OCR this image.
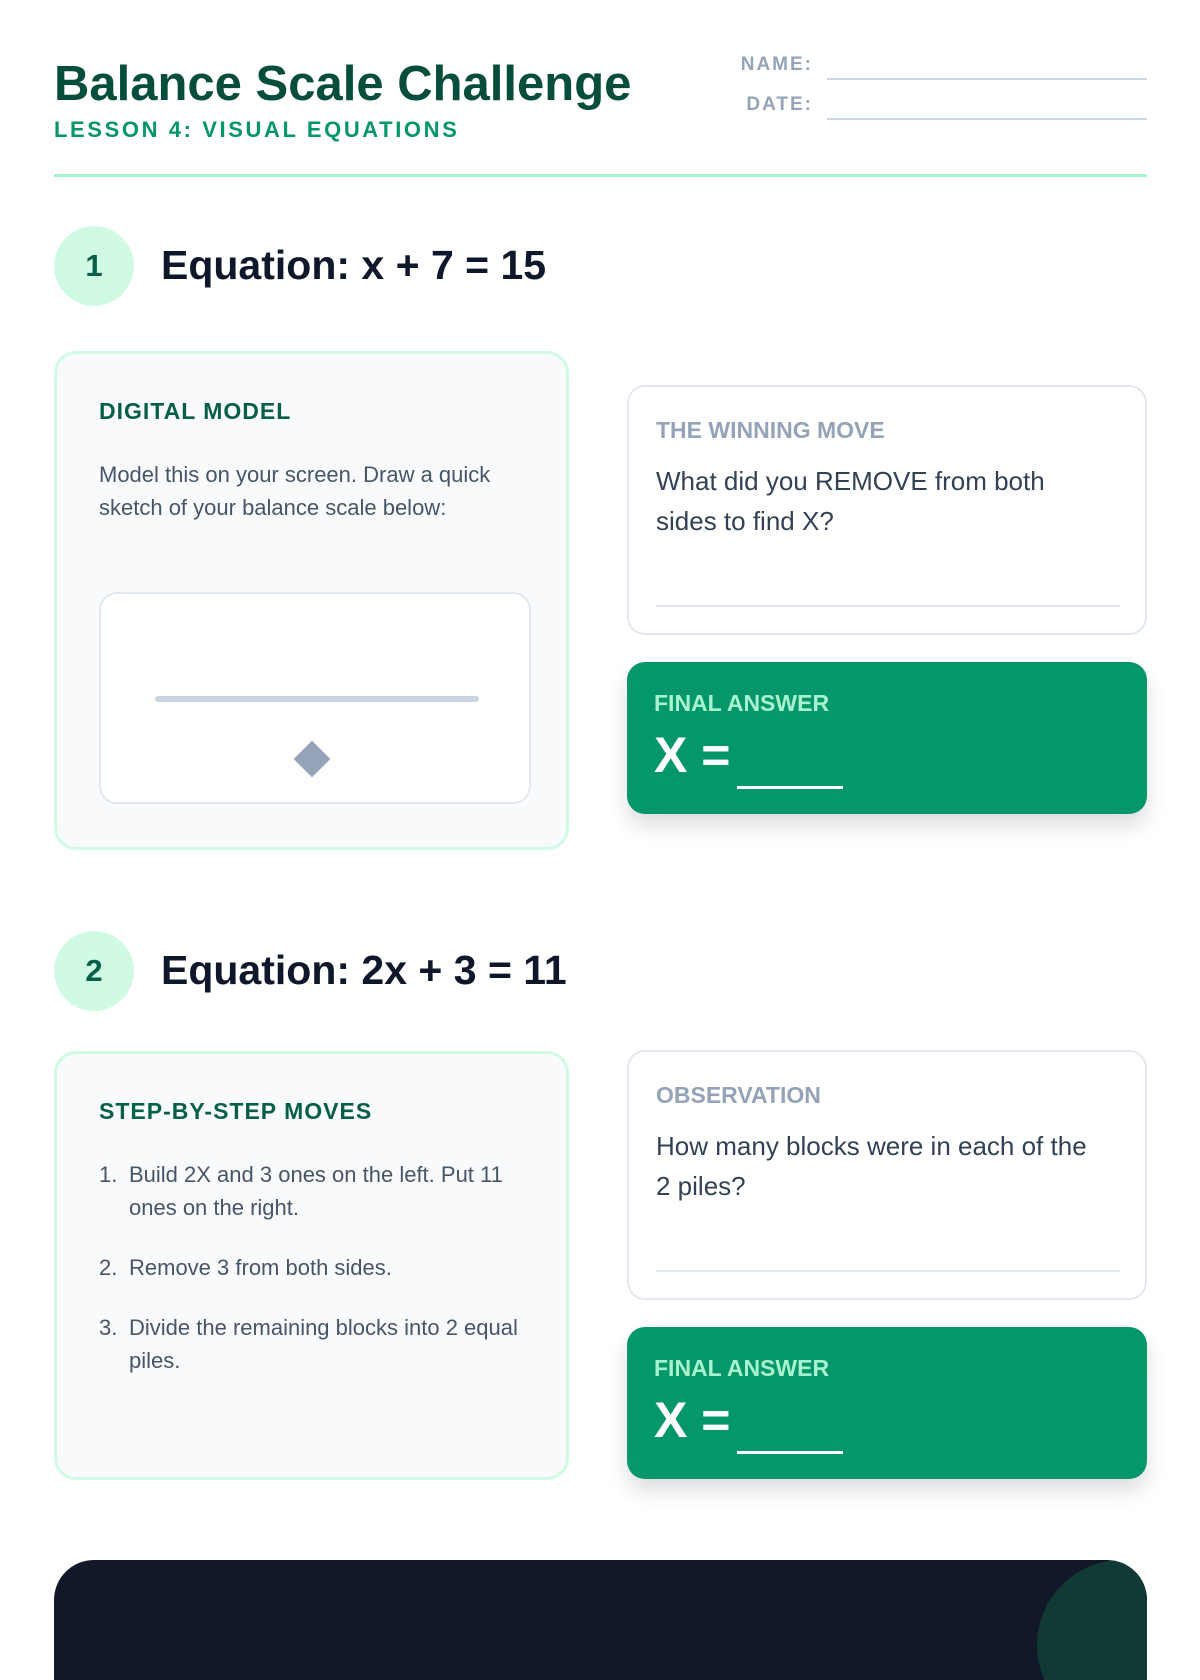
Balance Scale Challenge
LESSON 4: VISUAL EQUATIONS
NAME:
DATE:
1	Equation: x + 7 = 15
DIGITAL MODEL
Model this on your screen. Draw a quick sketch of your balance scale below:
THE WINNING MOVE
What did you REMOVE from both sides to find X?
FINAL ANSWER
X =
2	Equation: 2x + 3 = 11
STEP-BY-STEP MOVES
1. Build 2X and 3 ones on the left. Put 11 ones on the right.
2. Remove 3 from both sides.
3. Divide the remaining blocks into 2 equal piles.
OBSERVATION
How many blocks were in each of the 2 piles?
FINAL ANSWER
X =
